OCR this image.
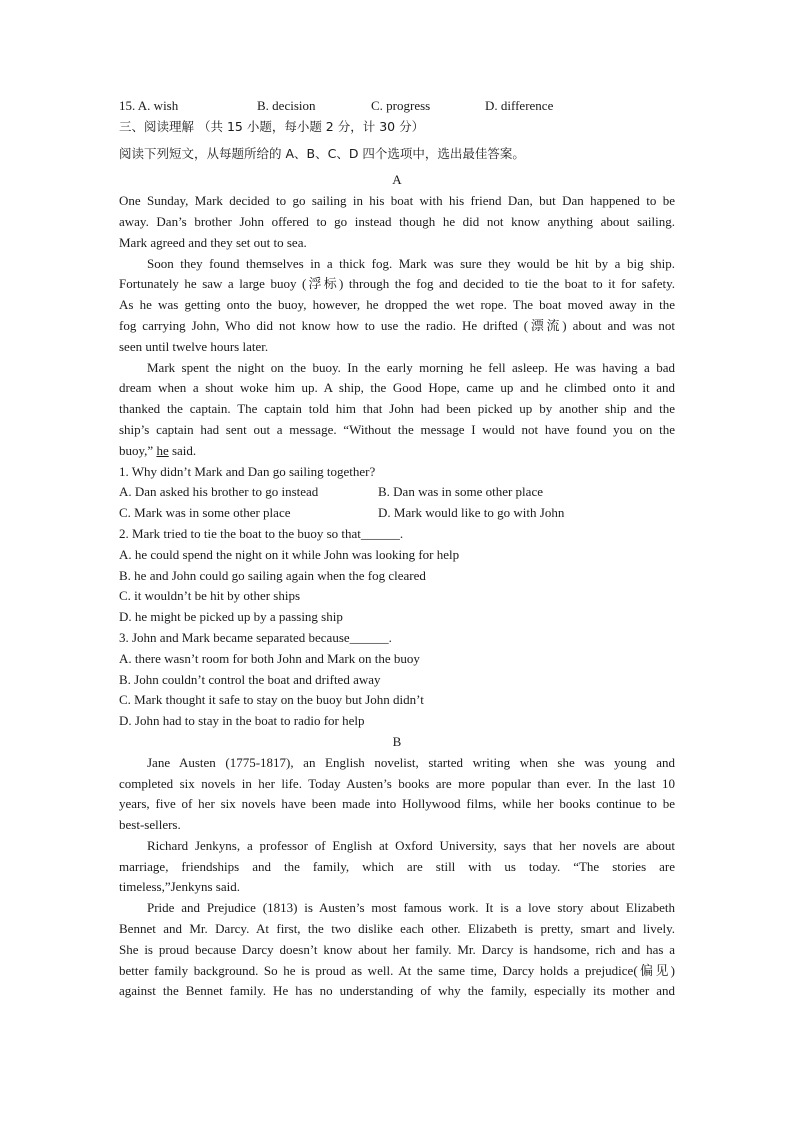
15. A. wish	B. decision	C. progress	D. difference
三、阅读理解 （共 15 小题，每小题 2 分，计 30 分）
阅读下列短文，从每题所给的 A、B、C、D 四个选项中，选出最佳答案。
A
One Sunday, Mark decided to go sailing in his boat with his friend Dan, but Dan happened to be
away. Dan’s brother John offered to go instead though he did not know anything about sailing.
Mark agreed and they set out to sea.
Soon they found themselves in a thick fog. Mark was sure they would be hit by a big ship.
Fortunately he saw a large buoy (浮标) through the fog and decided to tie the boat to it for safety.
As he was getting onto the buoy, however, he dropped the wet rope. The boat moved away in the
fog carrying John, Who did not know how to use the radio. He drifted (漂流) about and was not
seen until twelve hours later.
Mark spent the night on the buoy. In the early morning he fell asleep. He was having a bad
dream when a shout woke him up. A ship, the Good Hope, came up and he climbed onto it and
thanked the captain. The captain told him that John had been picked up by another ship and the
ship’s captain had sent out a message. “Without the message I would not have found you on the
buoy,” he said.
1. Why didn’t Mark and Dan go sailing together?
A. Dan asked his brother to go instead	B. Dan was in some other place
C. Mark was in some other place	D. Mark would like to go with John
2. Mark tried to tie the boat to the buoy so that______.
A. he could spend the night on it while John was looking for help
B. he and John could go sailing again when the fog cleared
C. it wouldn’t be hit by other ships
D. he might be picked up by a passing ship
3. John and Mark became separated because______.
A. there wasn’t room for both John and Mark on the buoy
B. John couldn’t control the boat and drifted away
C. Mark thought it safe to stay on the buoy but John didn’t
D. John had to stay in the boat to radio for help
B
Jane Austen (1775-1817), an English novelist, started writing when she was young and
completed six novels in her life. Today Austen’s books are more popular than ever. In the last 10
years, five of her six novels have been made into Hollywood films, while her books continue to be
best-sellers.
Richard Jenkyns, a professor of English at Oxford University, says that her novels are about
marriage, friendships and the family, which are still with us today. “The stories are
timeless,”Jenkyns said.
Pride and Prejudice (1813) is Austen’s most famous work. It is a love story about Elizabeth
Bennet and Mr. Darcy. At first, the two dislike each other. Elizabeth is pretty, smart and lively.
She is proud because Darcy doesn’t know about her family. Mr. Darcy is handsome, rich and has a
better family background. So he is proud as well. At the same time, Darcy holds a prejudice(偏见)
against the Bennet family. He has no understanding of why the family, especially its mother and
